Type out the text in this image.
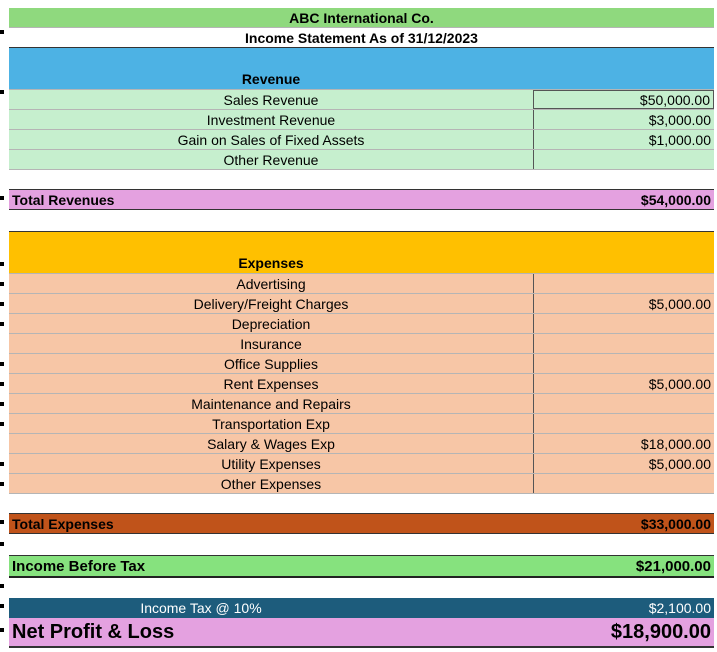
ABC International Co.
Income Statement As of 31/12/2023
Revenue
Sales Revenue	$50,000.00
Investment Revenue	$3,000.00
Gain on Sales of Fixed Assets	$1,000.00
Other Revenue
Total Revenues	$54,000.00
Expenses
Advertising
Delivery/Freight Charges	$5,000.00
Depreciation
Insurance
Office Supplies
Rent Expenses	$5,000.00
Maintenance and Repairs
Transportation Exp
Salary & Wages Exp	$18,000.00
Utility Expenses	$5,000.00
Other Expenses
Total Expenses	$33,000.00
Income Before Tax	$21,000.00
Income Tax @ 10%	$2,100.00
Net Profit & Loss	$18,900.00
